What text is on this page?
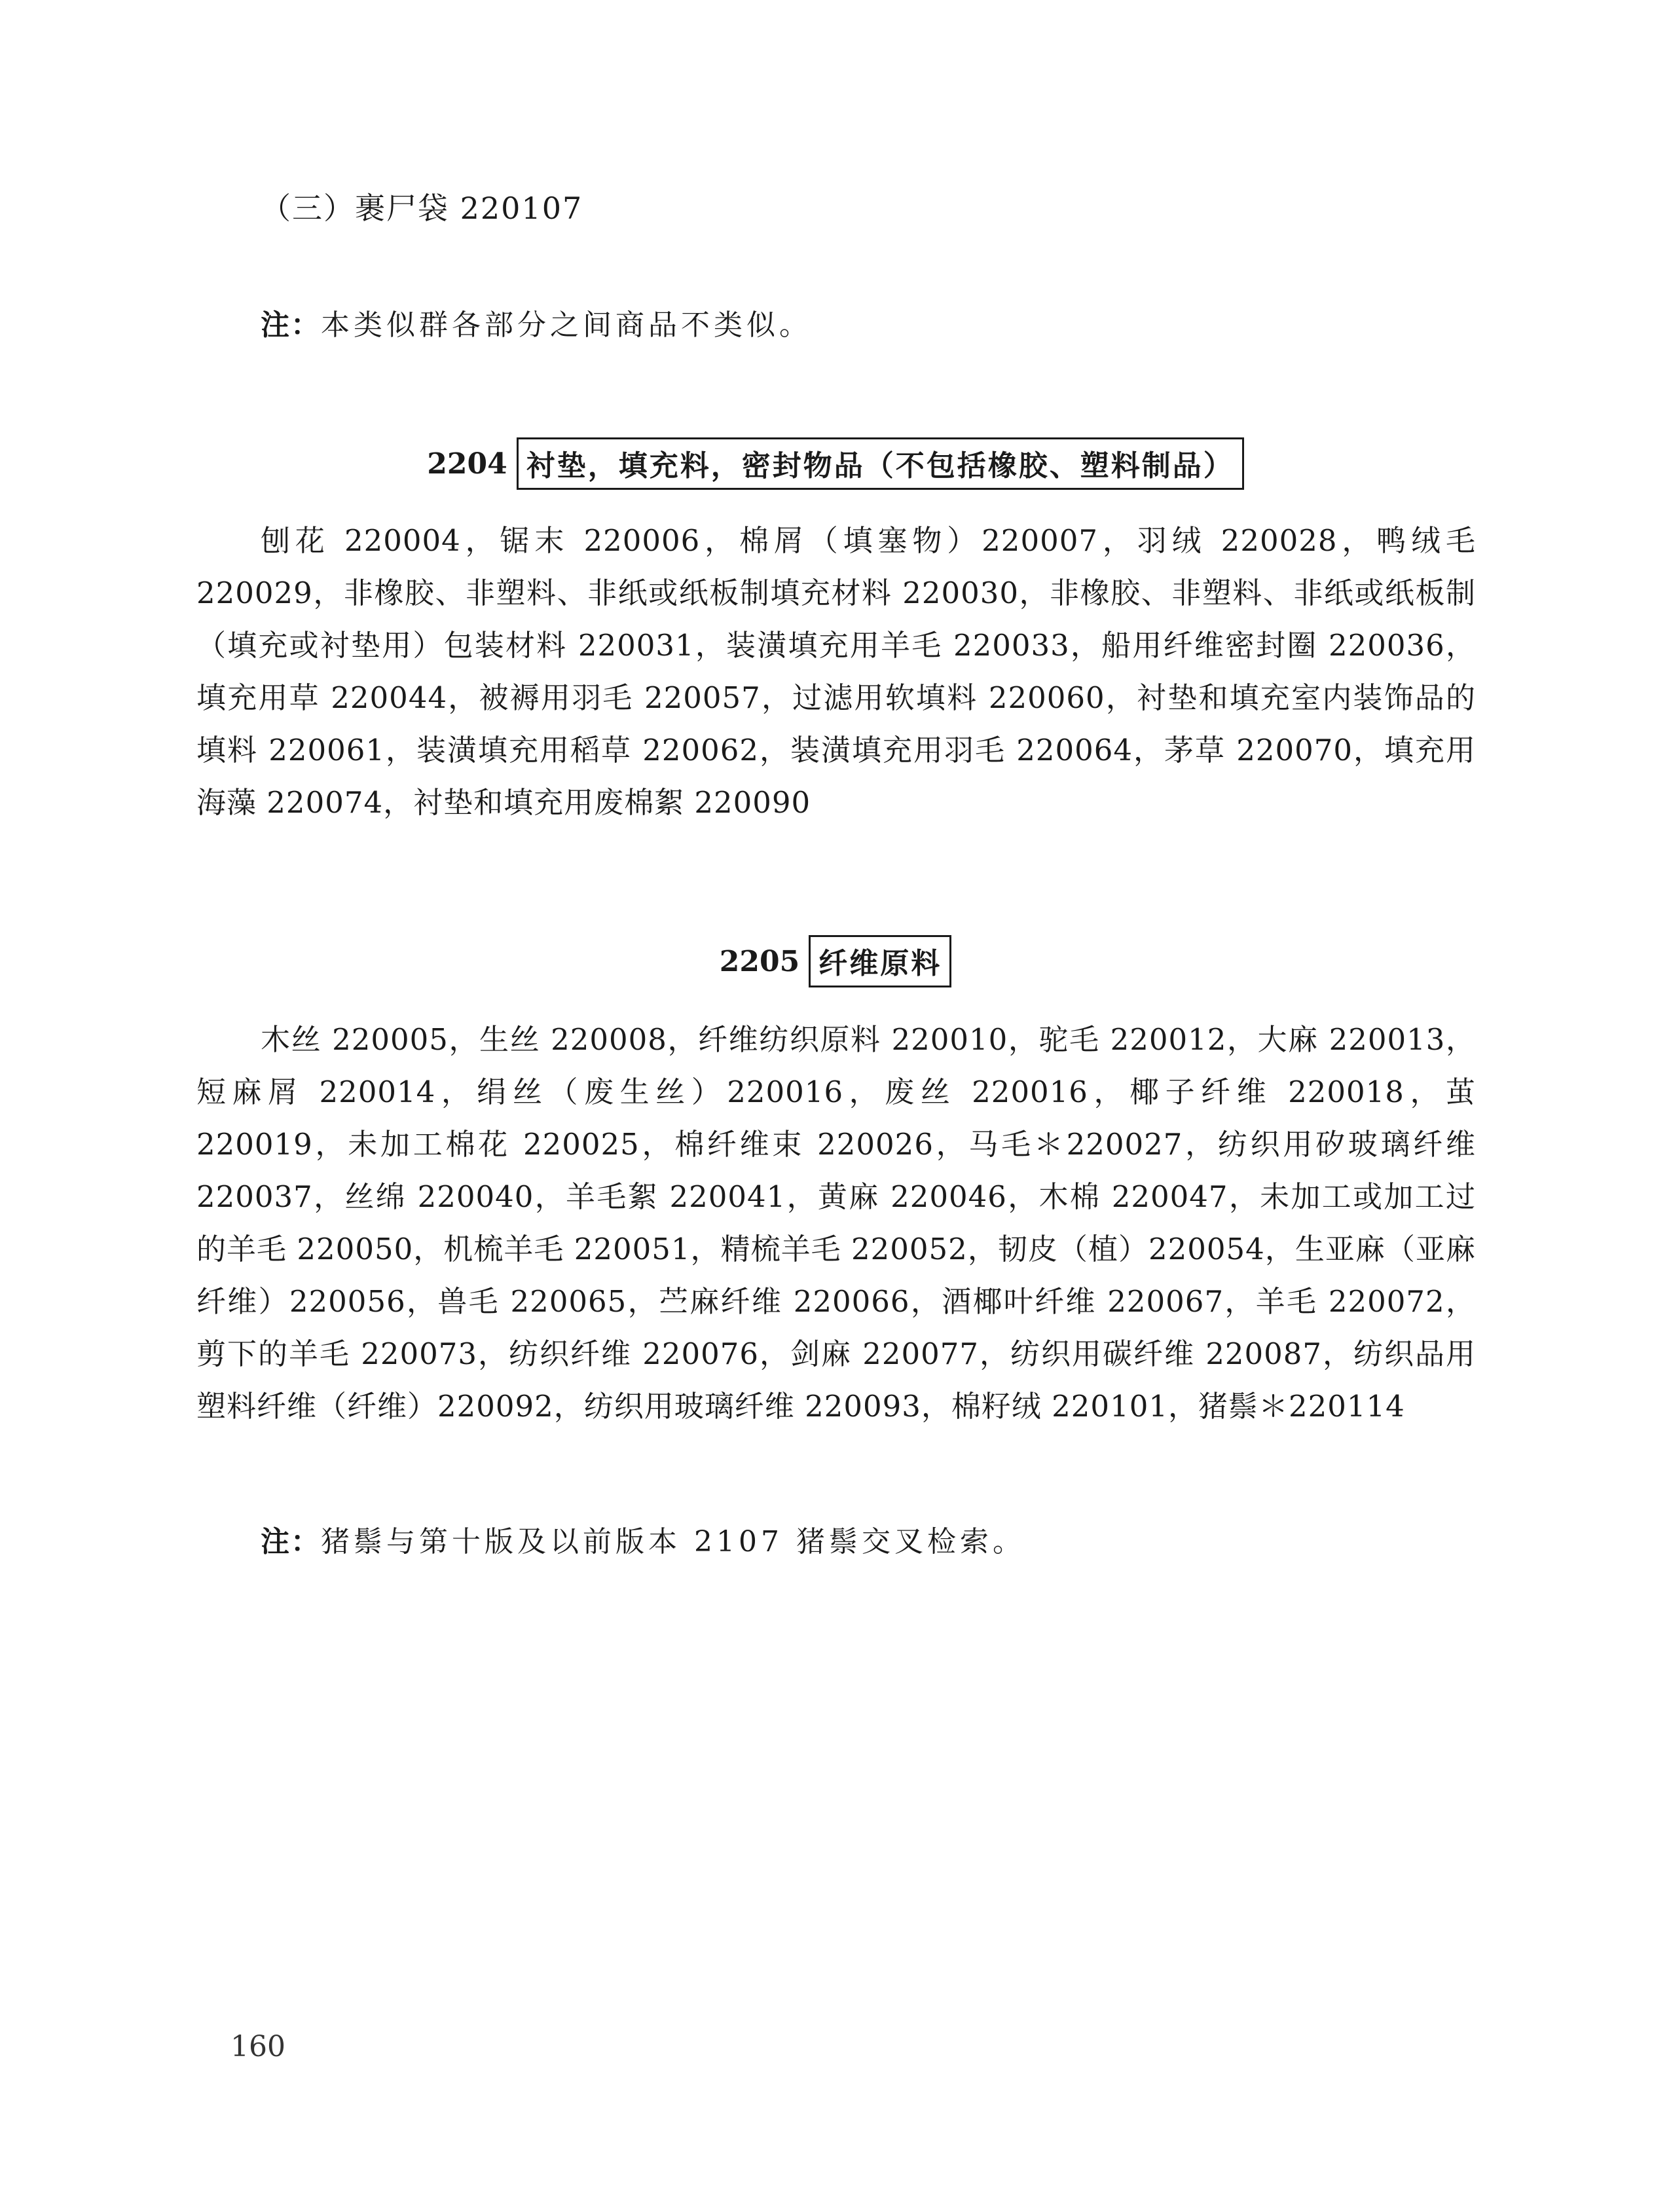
（三）裹尸袋 220107
注：本类似群各部分之间商品不类似。
2204 衬垫，填充料，密封物品（不包括橡胶、塑料制品）

刨花 220004，锯末 220006，棉屑（填塞物）220007，羽绒 220028，鸭绒毛 220029，非橡胶、非塑料、非纸或纸板制填充材料 220030，非橡胶、非塑料、非纸或纸板制（填充或衬垫用）包装材料 220031，装潢填充用羊毛 220033，船用纤维密封圈 220036，填充用草 220044，被褥用羽毛 220057，过滤用软填料 220060，衬垫和填充室内装饰品的填料 220061，装潢填充用稻草 220062，装潢填充用羽毛 220064，茅草 220070，填充用海藻 220074，衬垫和填充用废棉絮 220090

2205 纤维原料

木丝 220005，生丝 220008，纤维纺织原料 220010，驼毛 220012，大麻 220013，短麻屑 220014，绢丝（废生丝）220016，废丝 220016，椰子纤维 220018，茧 220019，未加工棉花 220025，棉纤维束 220026，马毛＊220027，纺织用矽玻璃纤维 220037，丝绵 220040，羊毛絮 220041，黄麻 220046，木棉 220047，未加工或加工过的羊毛 220050，机梳羊毛 220051，精梳羊毛 220052，韧皮（植）220054，生亚麻（亚麻纤维）220056，兽毛 220065，苎麻纤维 220066，酒椰叶纤维 220067，羊毛 220072，剪下的羊毛 220073，纺织纤维 220076，剑麻 220077，纺织用碳纤维 220087，纺织品用塑料纤维（纤维）220092，纺织用玻璃纤维 220093，棉籽绒 220101，猪鬃＊220114

注：猪鬃与第十版及以前版本 2107 猪鬃交叉检索。
160
